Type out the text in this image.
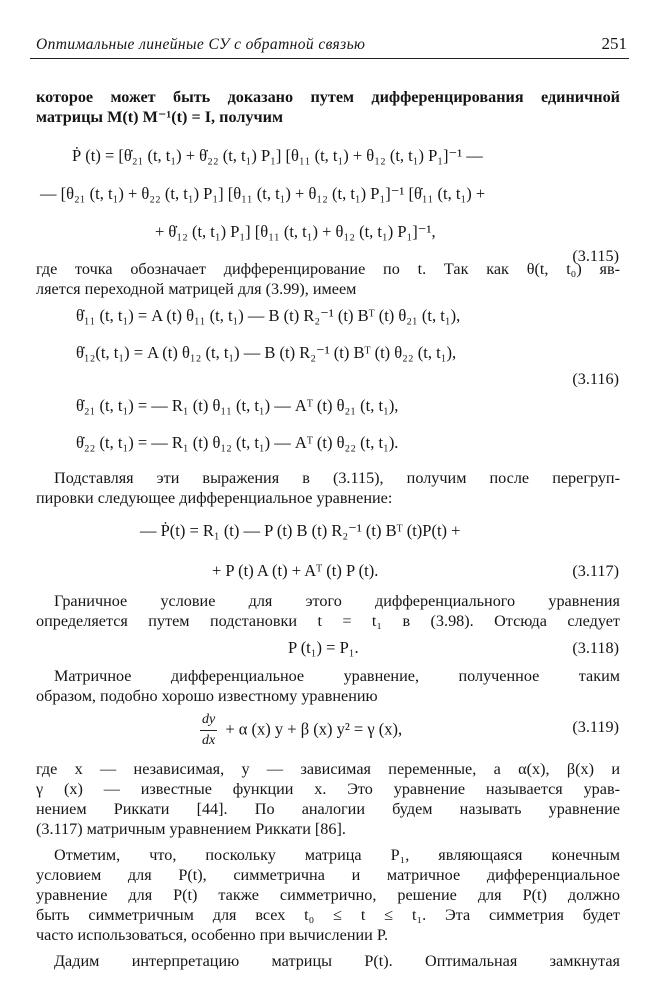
Оптимальные линейные СУ с обратной связью	251
которое может быть доказано путем дифференцирования единичной
матрицы M(t) M⁻¹(t) = I, получим
Ṗ (t) = [θ̇₂₁ (t, t₁) + θ̇₂₂ (t, t₁) P₁] [θ₁₁ (t, t₁) + θ₁₂ (t, t₁) P₁]⁻¹ —
— [θ₂₁ (t, t₁) + θ₂₂ (t, t₁) P₁] [θ₁₁ (t, t₁) + θ₁₂ (t, t₁) P₁]⁻¹ [θ̇₁₁ (t, t₁) +
+ θ̇₁₂ (t, t₁) P₁] [θ₁₁ (t, t₁) + θ₁₂ (t, t₁) P₁]⁻¹,
(3.115)
где точка обозначает дифференцирование по t. Так как θ(t, t₀) яв-
ляется переходной матрицей для (3.99), имеем
θ̇₁₁ (t, t₁) = A (t) θ₁₁ (t, t₁) — B (t) R₂⁻¹ (t) Bᵀ (t) θ₂₁ (t, t₁),
θ̇₁₂(t, t₁) = A (t) θ₁₂ (t, t₁) — B (t) R₂⁻¹ (t) Bᵀ (t) θ₂₂ (t, t₁),
(3.116)
θ̇₂₁ (t, t₁) = — R₁ (t) θ₁₁ (t, t₁) — Aᵀ (t) θ₂₁ (t, t₁),
θ̇₂₂ (t, t₁) = — R₁ (t) θ₁₂ (t, t₁) — Aᵀ (t) θ₂₂ (t, t₁).
Подставляя эти выражения в (3.115), получим после перегруп-
пировки следующее дифференциальное уравнение:
— Ṗ(t) = R₁ (t) — P (t) B (t) R₂⁻¹ (t) Bᵀ (t)P(t) +
+ P (t) A (t) + Aᵀ (t) P (t).	(3.117)
Граничное условие для этого дифференциального уравнения
определяется путем подстановки t = t₁ в (3.98). Отсюда следует
P (t₁) = P₁.	(3.118)
Матричное дифференциальное уравнение, полученное таким
образом, подобно хорошо известному уравнению
$\frac{dy}{dx} + \alpha$ (x) y + β (x) y² = γ (x),	(3.119)
где x — независимая, y — зависимая переменные, а α(x), β(x) и
γ (x) — известные функции x. Это уравнение называется урав-
нением Риккати [44]. По аналогии будем называть уравнение
(3.117) матричным уравнением Риккати [86].
Отметим, что, поскольку матрица P₁, являющаяся конечным
условием для P(t), симметрична и матричное дифференциальное
уравнение для P(t) также симметрично, решение для P(t) должно
быть симметричным для всех t₀ ≤ t ≤ t₁. Эта симметрия будет
часто использоваться, особенно при вычислении P.
Дадим интерпретацию матрицы P(t). Оптимальная замкнутая
